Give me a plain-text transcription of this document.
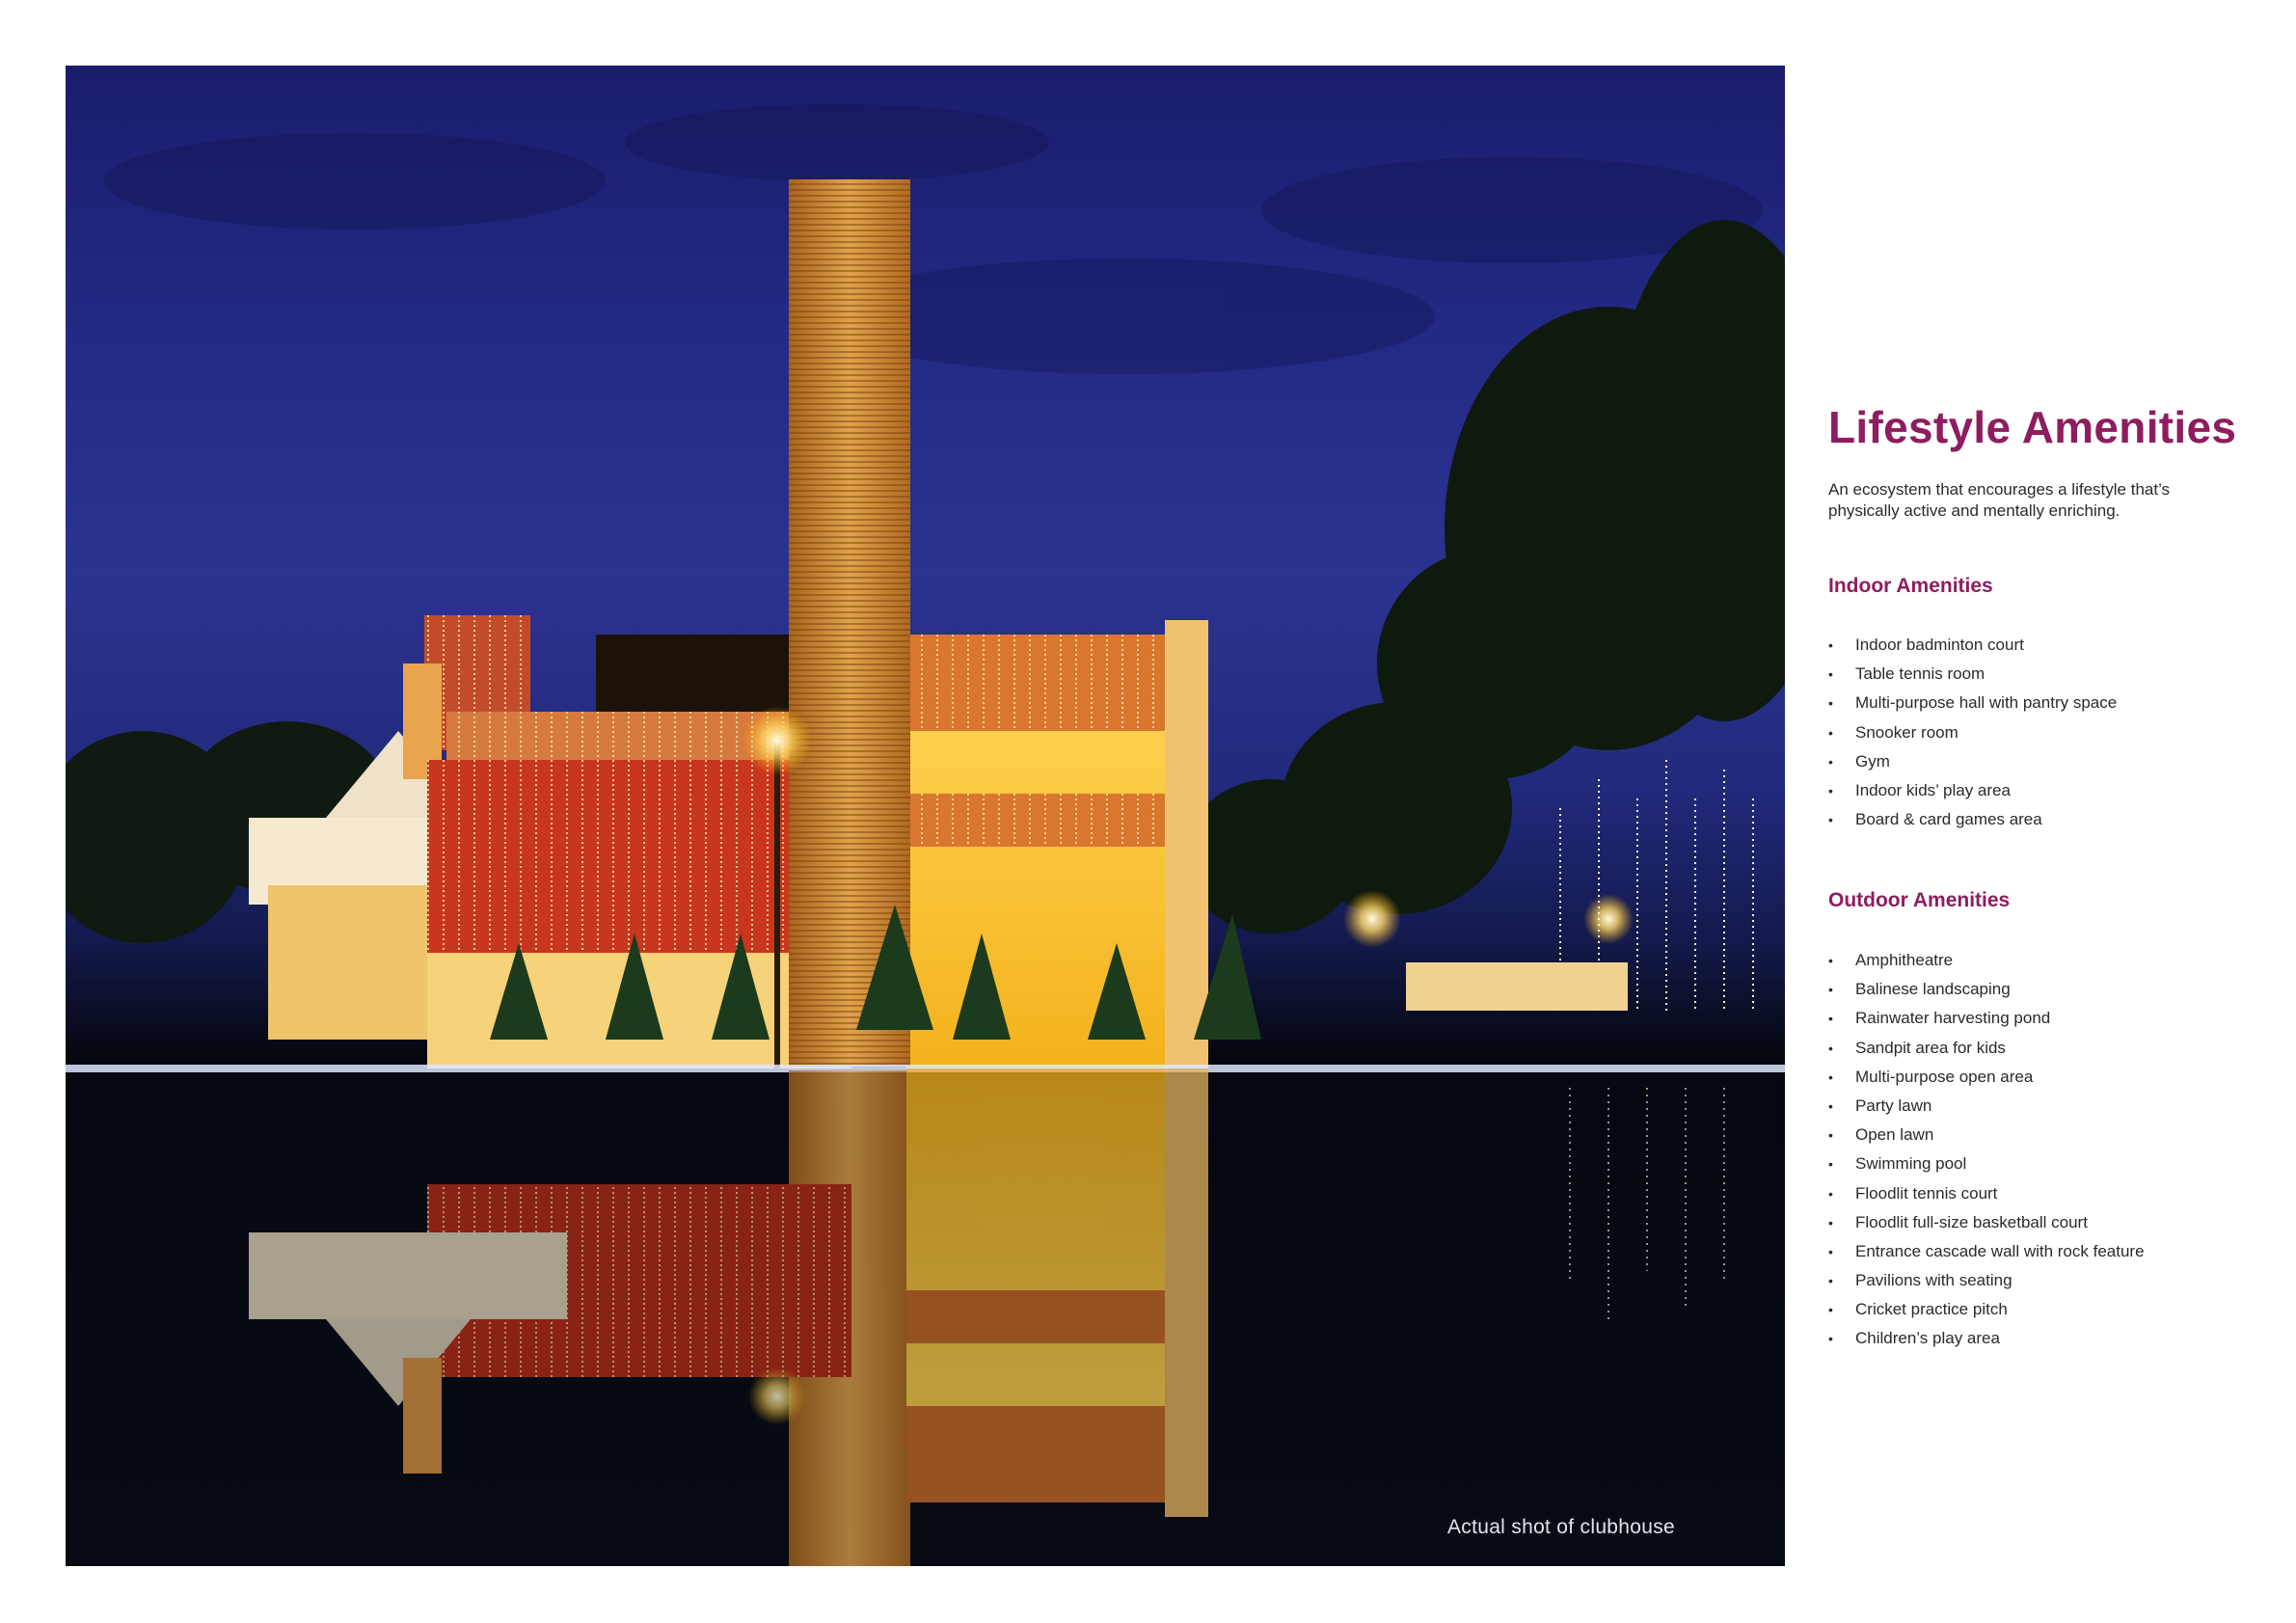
Actual shot of clubhouse
Lifestyle Amenities
An ecosystem that encourages a lifestyle that’s physically active and mentally enriching.
Indoor Amenities
• Indoor badminton court
• Table tennis room
• Multi-purpose hall with pantry space
• Snooker room
• Gym
• Indoor kids’ play area
• Board & card games area
Outdoor Amenities
• Amphitheatre
• Balinese landscaping
• Rainwater harvesting pond
• Sandpit area for kids
• Multi-purpose open area
• Party lawn
• Open lawn
• Swimming pool
• Floodlit tennis court
• Floodlit full-size basketball court
• Entrance cascade wall with rock feature
• Pavilions with seating
• Cricket practice pitch
• Children’s play area
